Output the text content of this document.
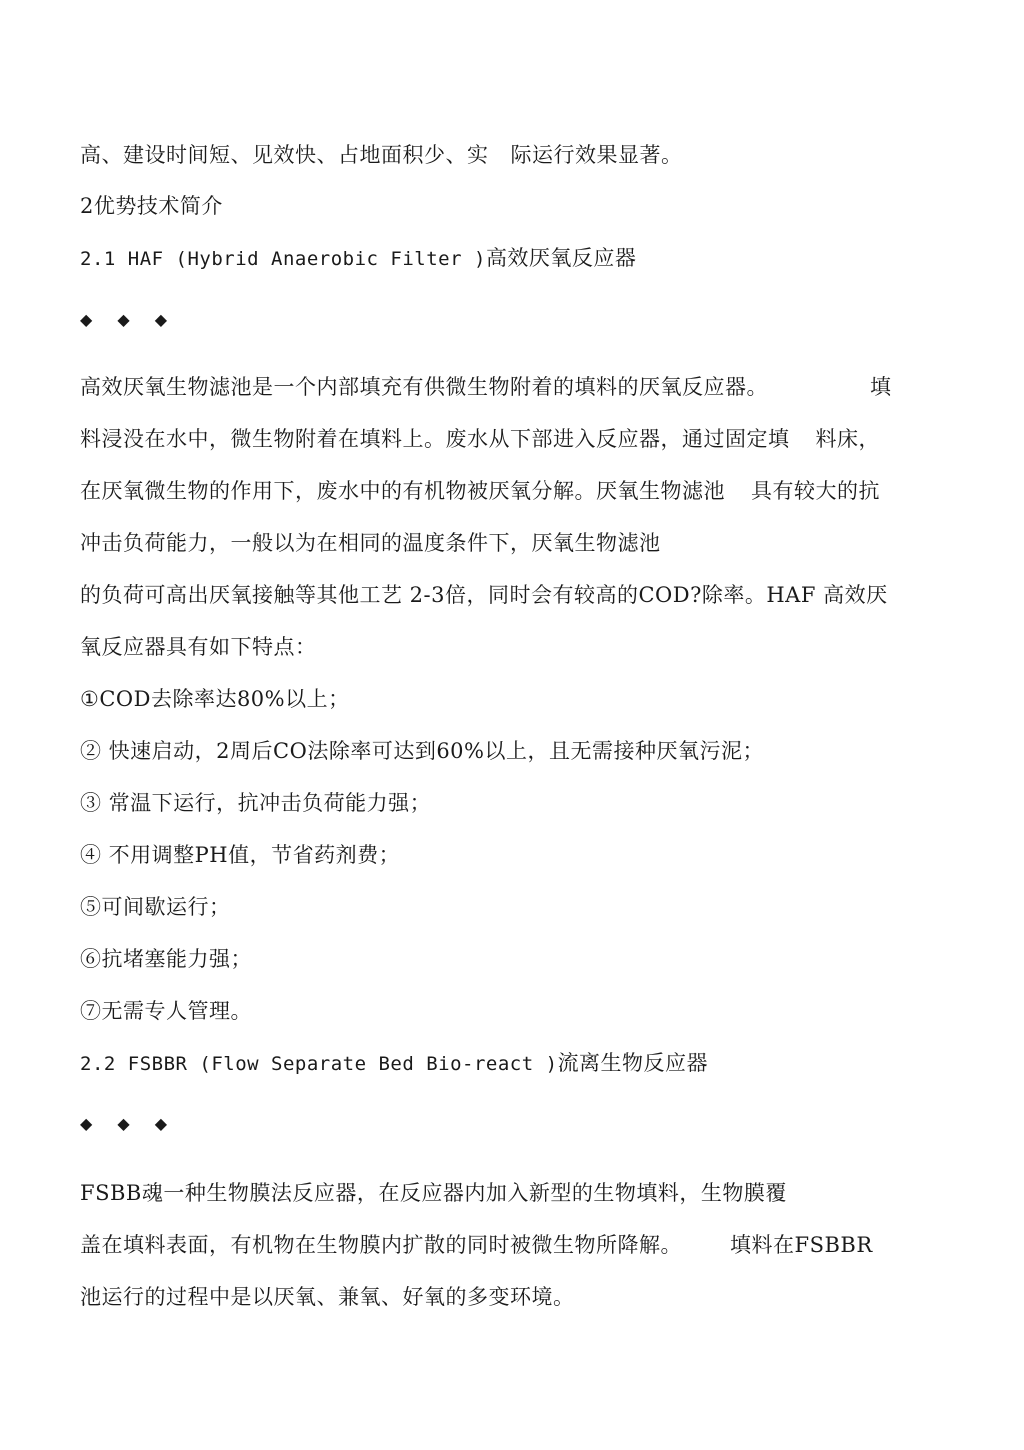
高、建设时间短、见效快、占地面积少、实 际运行效果显著。
2优势技术简介
2.1 HAF (Hybrid Anaerobic Filter )高效厌氧反应器
◆ ◆ ◆
高效厌氧生物滤池是一个内部填充有供微生物附着的填料的厌氧反应器。	填
料浸没在水中，微生物附着在填料上。废水从下部进入反应器，通过固定填 料床，
在厌氧微生物的作用下，废水中的有机物被厌氧分解。厌氧生物滤池 具有较大的抗
冲击负荷能力，一般以为在相同的温度条件下，厌氧生物滤池
的负荷可高出厌氧接触等其他工艺 2-3倍，同时会有较高的COD?除率。HAF 高效厌
氧反应器具有如下特点：
①COD去除率达80%以上；
② 快速启动，2周后CO法除率可达到60%以上，且无需接种厌氧污泥；
③ 常温下运行，抗冲击负荷能力强；
④ 不用调整PH值，节省药剂费；
⑤可间歇运行；
⑥抗堵塞能力强；
⑦无需专人管理。
2.2 FSBBR (Flow Separate Bed Bio-react )流离生物反应器
◆ ◆ ◆
FSBB魂一种生物膜法反应器，在反应器内加入新型的生物填料，生物膜覆
盖在填料表面，有机物在生物膜内扩散的同时被微生物所降解。 填料在FSBBR
池运行的过程中是以厌氧、兼氧、好氧的多变环境。
